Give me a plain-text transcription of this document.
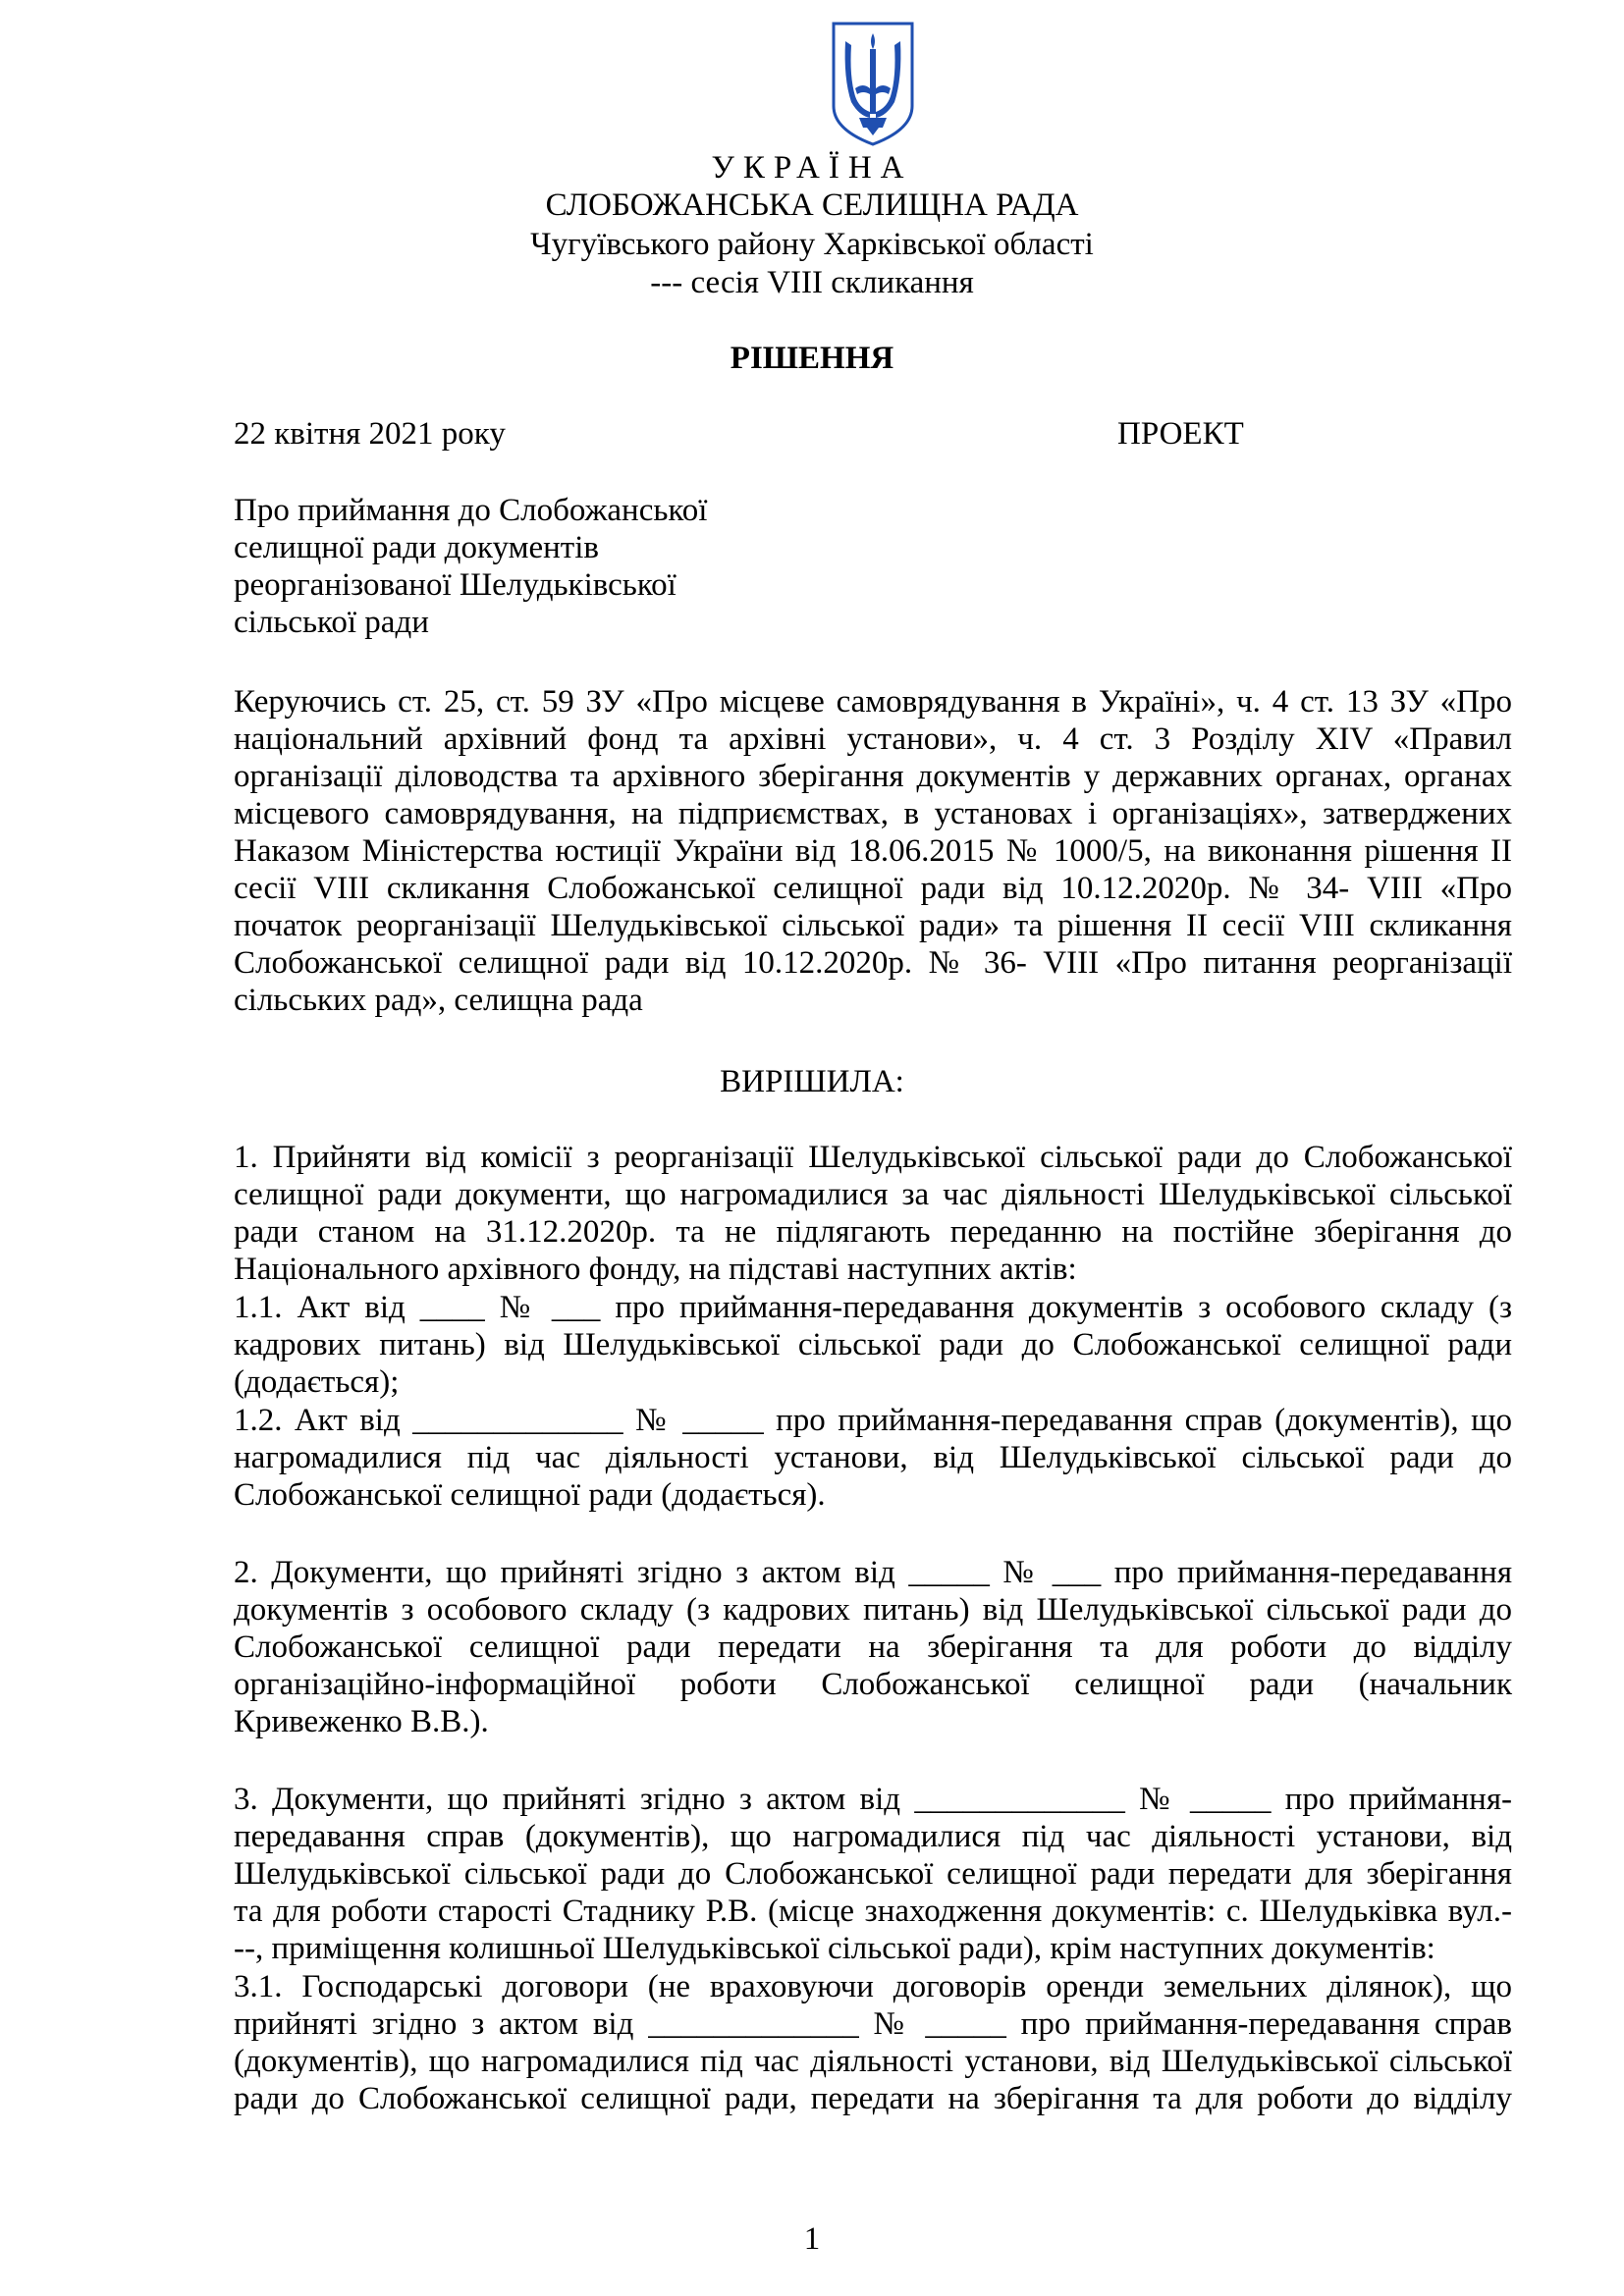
УКРАЇНА
СЛОБОЖАНСЬКА СЕЛИЩНА РАДА
Чугуївського району Харківської області
--- сесія VIII скликання
РІШЕННЯ
22 квітня 2021 року	ПРОЕКТ
Про приймання до Слобожанської
селищної ради документів
реорганізованої Шелудьківської
сільської ради
Керуючись ст. 25, ст. 59 ЗУ «Про місцеве самоврядування в Україні», ч. 4 ст. 13 ЗУ «Про
національний архівний фонд та архівні установи», ч. 4 ст. 3 Розділу XIV «Правил
організації діловодства та архівного зберігання документів у державних органах, органах
місцевого самоврядування, на підприємствах, в установах і організаціях», затверджених
Наказом Міністерства юстиції України від 18.06.2015 № 1000/5, на виконання рішення II
сесії VIII скликання Слобожанської селищної ради від 10.12.2020р. № 34- VIII «Про
початок реорганізації Шелудьківської сільської ради» та рішення II сесії VIII скликання
Слобожанської селищної ради від 10.12.2020р. № 36- VIII «Про питання реорганізації
сільських рад», селищна рада
ВИРІШИЛА:
1. Прийняти від комісії з реорганізації Шелудьківської сільської ради до Слобожанської
селищної ради документи, що нагромадилися за час діяльності Шелудьківської сільської
ради станом на 31.12.2020р. та не підлягають переданню на постійне зберігання до
Національного архівного фонду, на підставі наступних актів:
1.1. Акт від ____ № ___ про приймання-передавання документів з особового складу (з
кадрових питань) від Шелудьківської сільської ради до Слобожанської селищної ради
(додається);
1.2. Акт від _____________ № _____ про приймання-передавання справ (документів), що
нагромадилися під час діяльності установи, від Шелудьківської сільської ради до
Слобожанської селищної ради (додається).
2. Документи, що прийняті згідно з актом від _____ № ___ про приймання-передавання
документів з особового складу (з кадрових питань) від Шелудьківської сільської ради до
Слобожанської селищної ради передати на зберігання та для роботи до відділу
організаційно-інформаційної роботи Слобожанської селищної ради (начальник
Кривеженко В.В.).
3. Документи, що прийняті згідно з актом від _____________ № _____ про приймання-
передавання справ (документів), що нагромадилися під час діяльності установи, від
Шелудьківської сільської ради до Слобожанської селищної ради передати для зберігання
та для роботи старості Стаднику Р.В. (місце знаходження документів: с. Шелудьківка вул.-
--, приміщення колишньої Шелудьківської сільської ради), крім наступних документів:
3.1. Господарські договори (не враховуючи договорів оренди земельних ділянок), що
прийняті згідно з актом від _____________ № _____ про приймання-передавання справ
(документів), що нагромадилися під час діяльності установи, від Шелудьківської сільської
ради до Слобожанської селищної ради, передати на зберігання та для роботи до відділу
1
